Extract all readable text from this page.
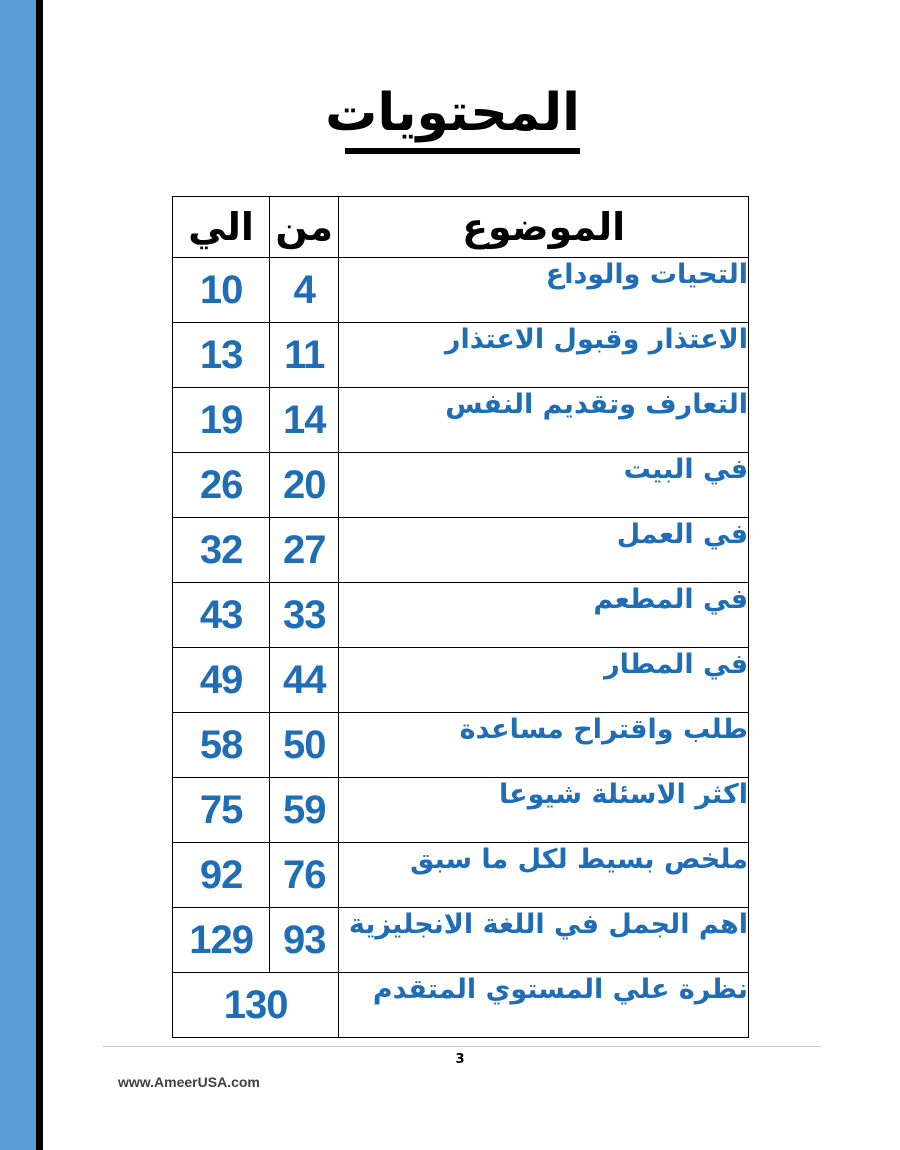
المحتويات
الي	من	الموضوع
10	4	التحيات والوداع
13	11	الاعتذار وقبول الاعتذار
19	14	التعارف وتقديم النفس
26	20	في البيت
32	27	في العمل
43	33	في المطعم
49	44	في المطار
58	50	طلب واقتراح مساعدة
75	59	اكثر الاسئلة شيوعا
92	76	ملخص بسيط لكل ما سبق
129	93	اهم الجمل في اللغة الانجليزية
130		نظرة علي المستوي المتقدم
3
www.AmeerUSA.com
